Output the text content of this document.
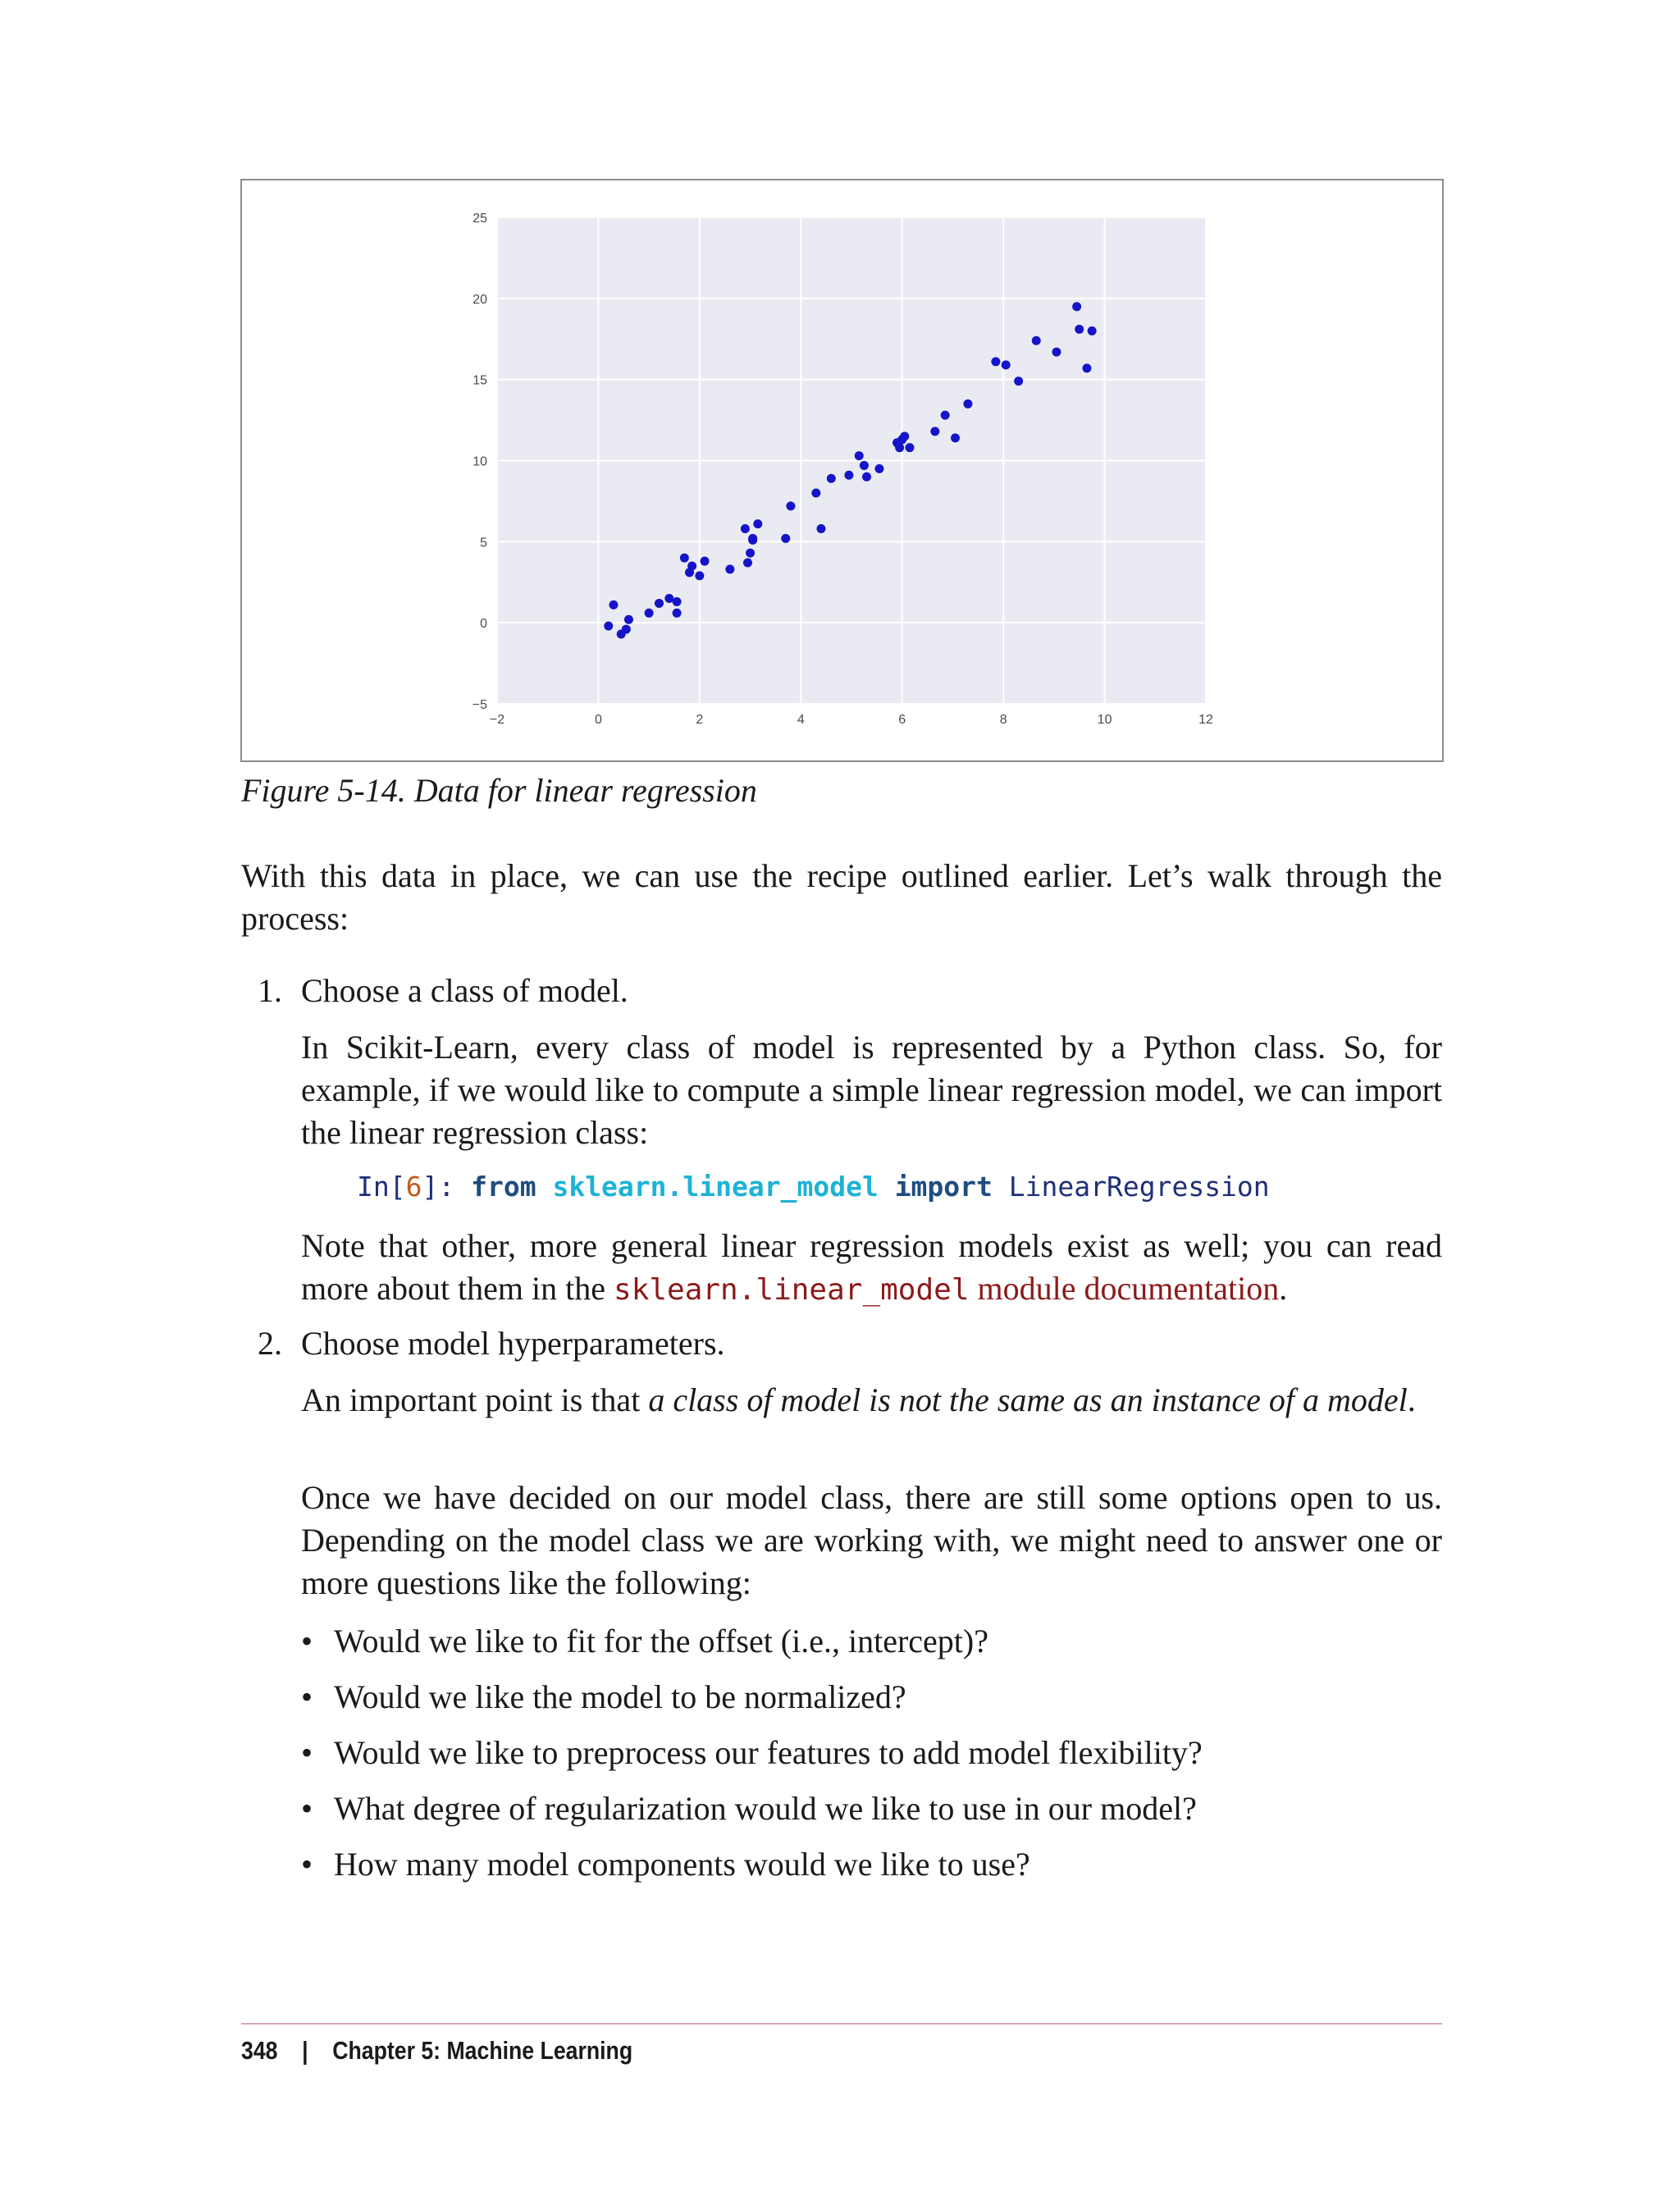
−2	0	2	4	6	8	10	12
−5
0
5
10
15
20
25
Figure 5-14. Data for linear regression

With this data in place, we can use the recipe outlined earlier. Let’s walk through the process:

1. Choose a class of model.

In Scikit-Learn, every class of model is represented by a Python class. So, for example, if we would like to compute a simple linear regression model, we can import the linear regression class:

In[6]: from sklearn.linear_model import LinearRegression

Note that other, more general linear regression models exist as well; you can read more about them in the sklearn.linear_model module documentation.

2. Choose model hyperparameters.

An important point is that a class of model is not the same as an instance of a model.

Once we have decided on our model class, there are still some options open to us. Depending on the model class we are working with, we might need to answer one or more questions like the following:

• Would we like to fit for the offset (i.e., intercept)?
• Would we like the model to be normalized?
• Would we like to preprocess our features to add model flexibility?
• What degree of regularization would we like to use in our model?
• How many model components would we like to use?
348 | Chapter 5: Machine Learning
